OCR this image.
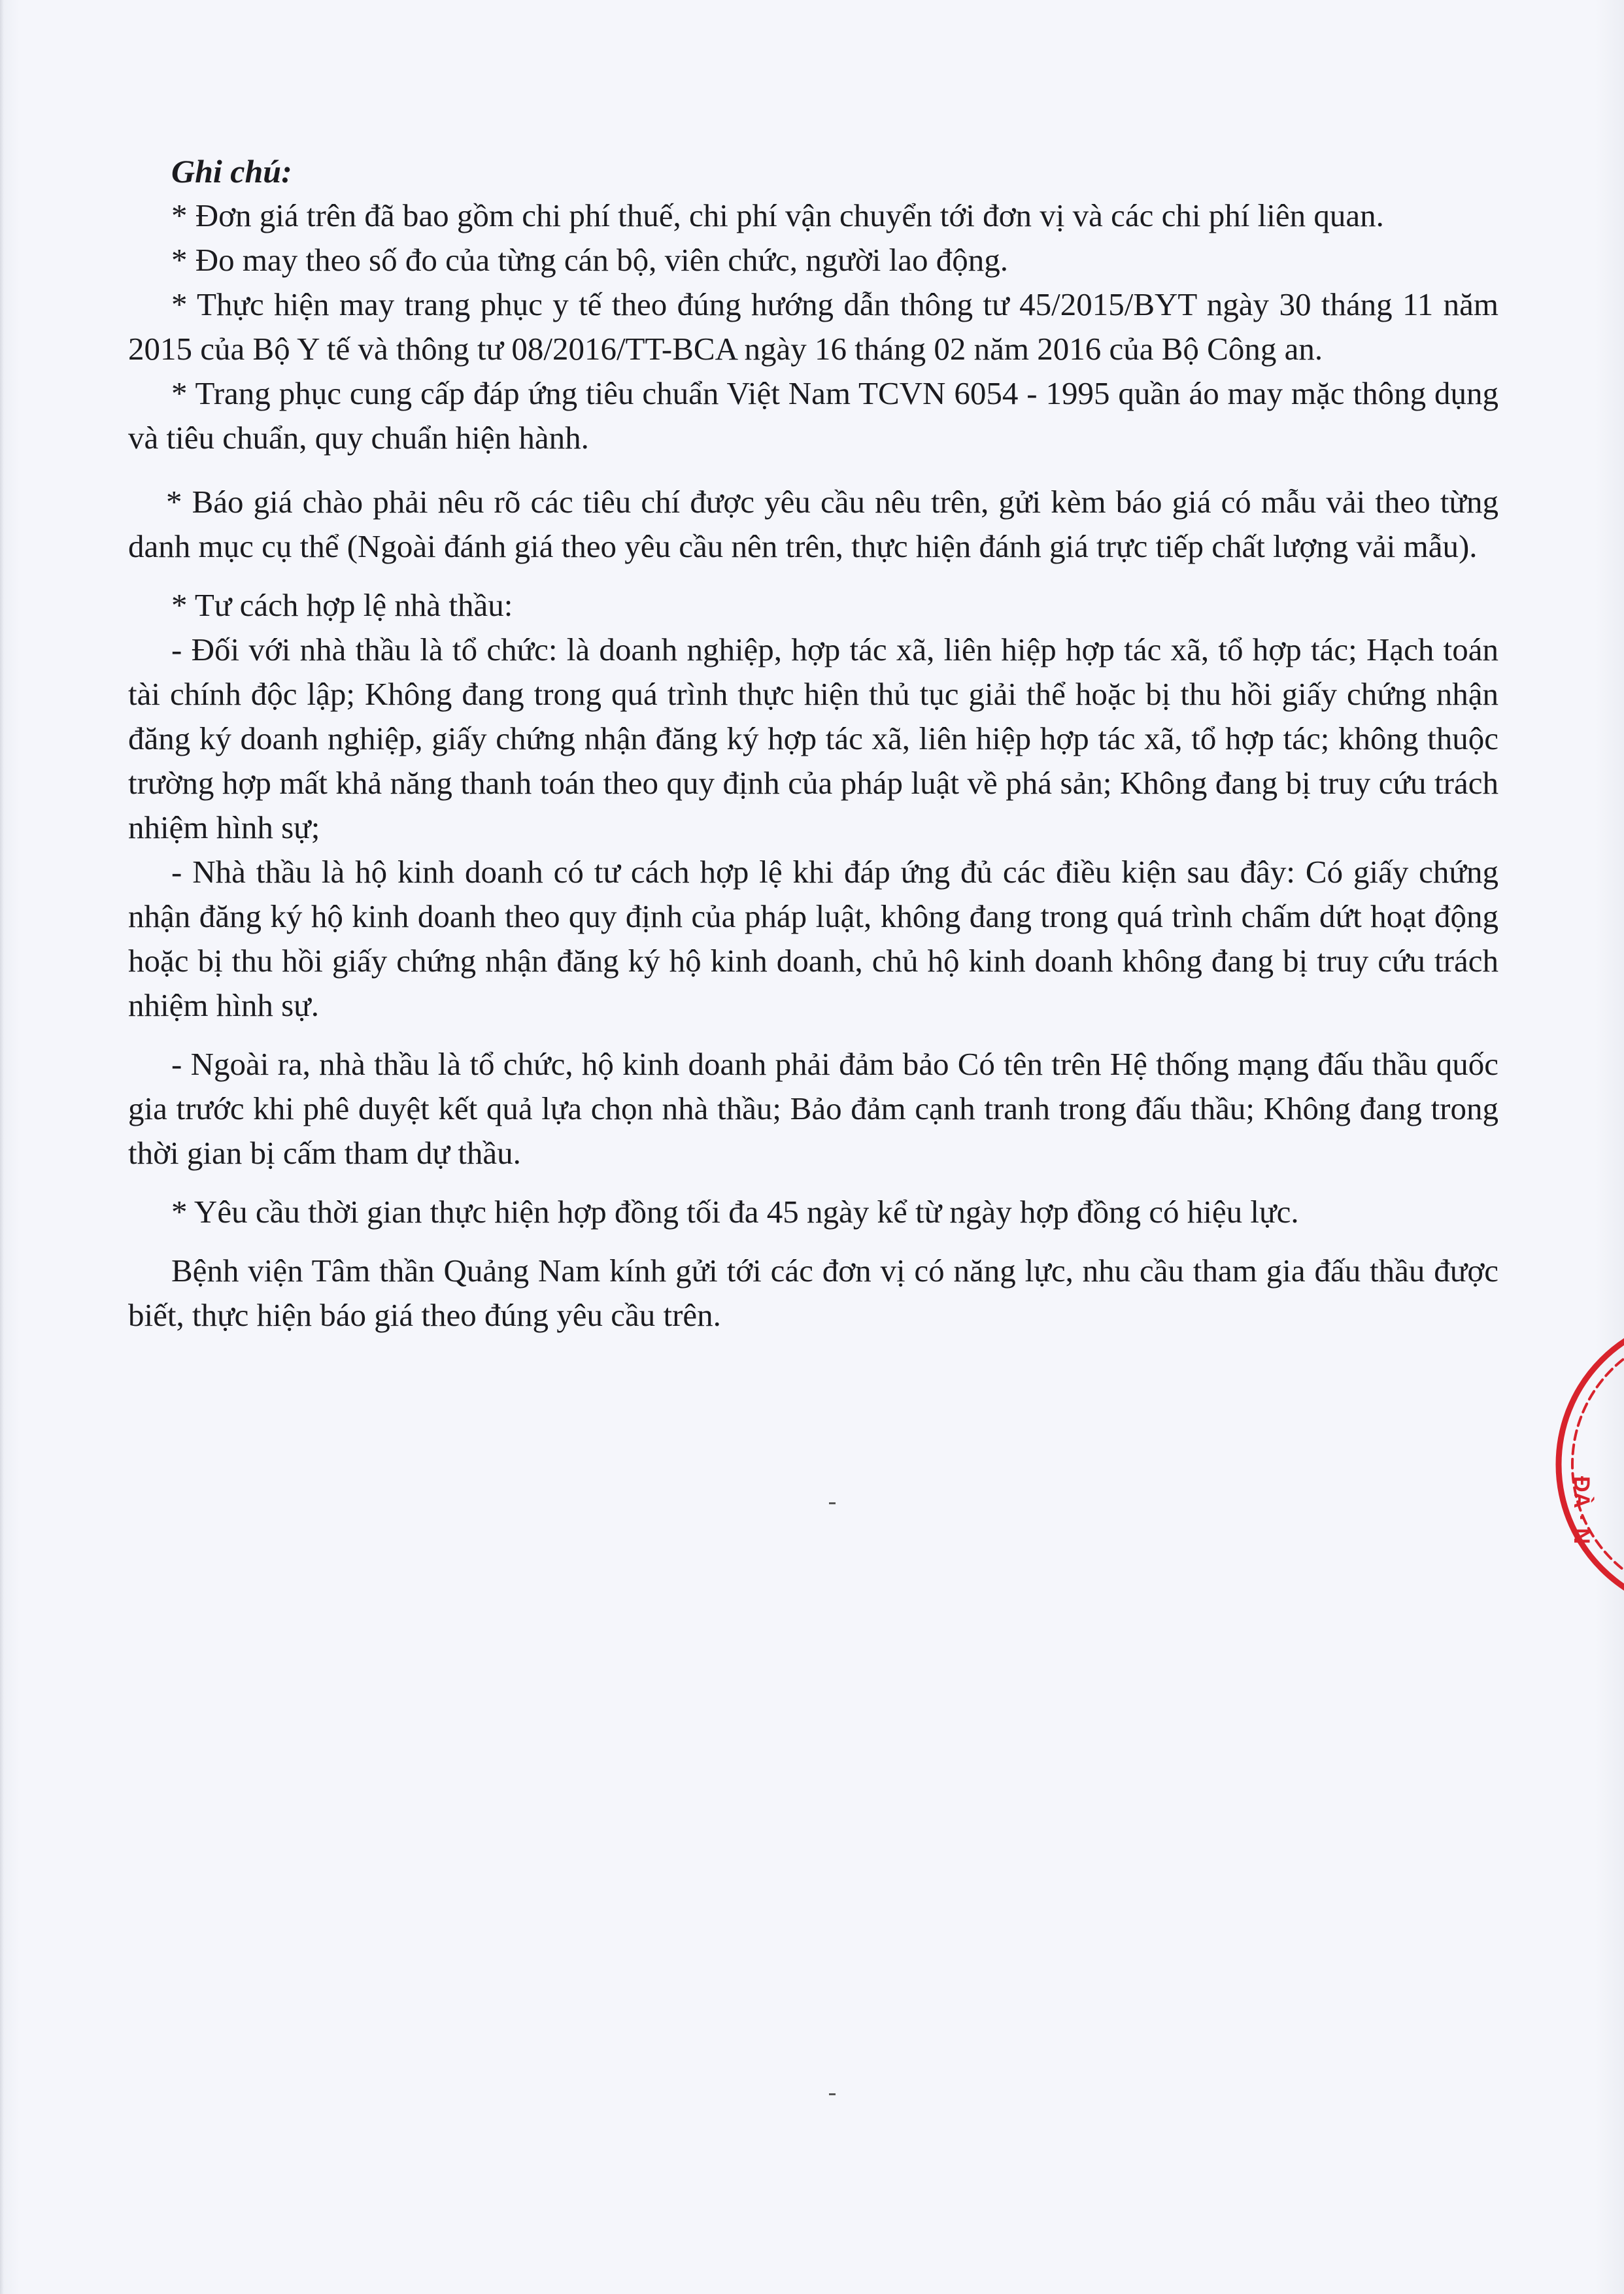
Ghi chú:

* Đơn giá trên đã bao gồm chi phí thuế, chi phí vận chuyển tới đơn vị và các chi phí liên quan.

* Đo may theo số đo của từng cán bộ, viên chức, người lao động.

* Thực hiện may trang phục y tế theo đúng hướng dẫn thông tư 45/2015/BYT ngày 30 tháng 11 năm 2015 của Bộ Y tế và thông tư 08/2016/TT-BCA ngày 16 tháng 02 năm 2016 của Bộ Công an.

* Trang phục cung cấp đáp ứng tiêu chuẩn Việt Nam TCVN 6054 - 1995 quần áo may mặc thông dụng và tiêu chuẩn, quy chuẩn hiện hành.

* Báo giá chào phải nêu rõ các tiêu chí được yêu cầu nêu trên, gửi kèm báo giá có mẫu vải theo từng danh mục cụ thể (Ngoài đánh giá theo yêu cầu nên trên, thực hiện đánh giá trực tiếp chất lượng vải mẫu).

* Tư cách hợp lệ nhà thầu:

- Đối với nhà thầu là tổ chức: là doanh nghiệp, hợp tác xã, liên hiệp hợp tác xã, tổ hợp tác; Hạch toán tài chính độc lập; Không đang trong quá trình thực hiện thủ tục giải thể hoặc bị thu hồi giấy chứng nhận đăng ký doanh nghiệp, giấy chứng nhận đăng ký hợp tác xã, liên hiệp hợp tác xã, tổ hợp tác; không thuộc trường hợp mất khả năng thanh toán theo quy định của pháp luật về phá sản; Không đang bị truy cứu trách nhiệm hình sự;

- Nhà thầu là hộ kinh doanh có tư cách hợp lệ khi đáp ứng đủ các điều kiện sau đây: Có giấy chứng nhận đăng ký hộ kinh doanh theo quy định của pháp luật, không đang trong quá trình chấm dứt hoạt động hoặc bị thu hồi giấy chứng nhận đăng ký hộ kinh doanh, chủ hộ kinh doanh không đang bị truy cứu trách nhiệm hình sự.

- Ngoài ra, nhà thầu là tổ chức, hộ kinh doanh phải đảm bảo Có tên trên Hệ thống mạng đấu thầu quốc gia trước khi phê duyệt kết quả lựa chọn nhà thầu; Bảo đảm cạnh tranh trong đấu thầu; Không đang trong thời gian bị cấm tham dự thầu.

* Yêu cầu thời gian thực hiện hợp đồng tối đa 45 ngày kể từ ngày hợp đồng có hiệu lực.

Bệnh viện Tâm thần Quảng Nam kính gửi tới các đơn vị có năng lực, nhu cầu tham gia đấu thầu được biết, thực hiện báo giá theo đúng yêu cầu trên.

ĐÀ · N
